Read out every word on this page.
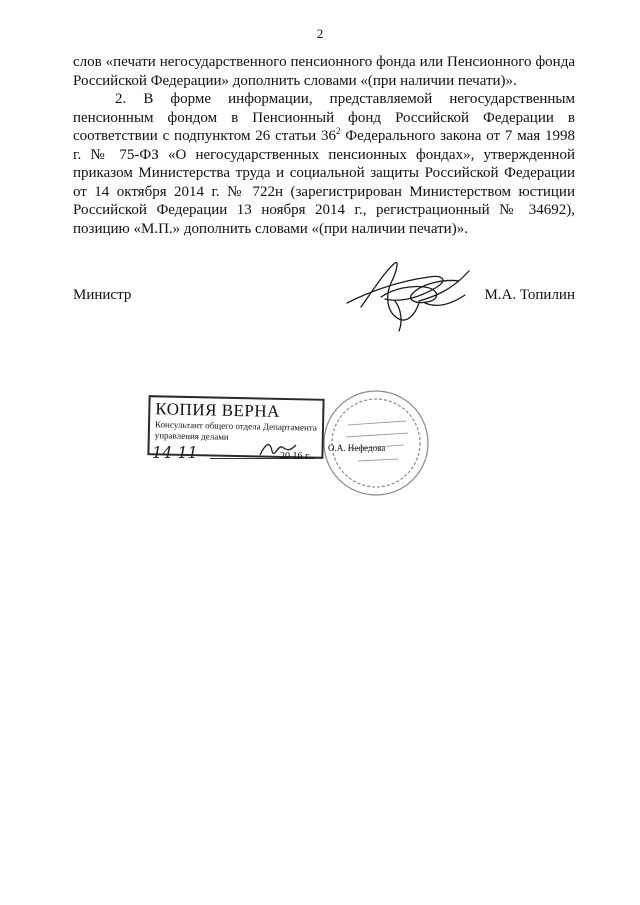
2

слов «печати негосударственного пенсионного фонда или Пенсионного фонда Российской Федерации» дополнить словами «(при наличии печати)».

2. В форме информации, представляемой негосударственным пенсионным фондом в Пенсионный фонд Российской Федерации в соответствии с подпунктом 26 статьи $36^2$ Федерального закона от 7 мая 1998 г. № 75-ФЗ «О негосударственных пенсионных фондах», утвержденной приказом Министерства труда и социальной защиты Российской Федерации от 14 октября 2014 г. № 722н (зарегистрирован Министерством юстиции Российской Федерации 13 ноября 2014 г., регистрационный № 34692), позицию «М.П.» дополнить словами «(при наличии печати)».

Министр	М.А. Топилин
КОПИЯ ВЕРНА
Консультант общего отдела Департамента
управления делами
14 11	20 16 г.
О.А. Нефедова
